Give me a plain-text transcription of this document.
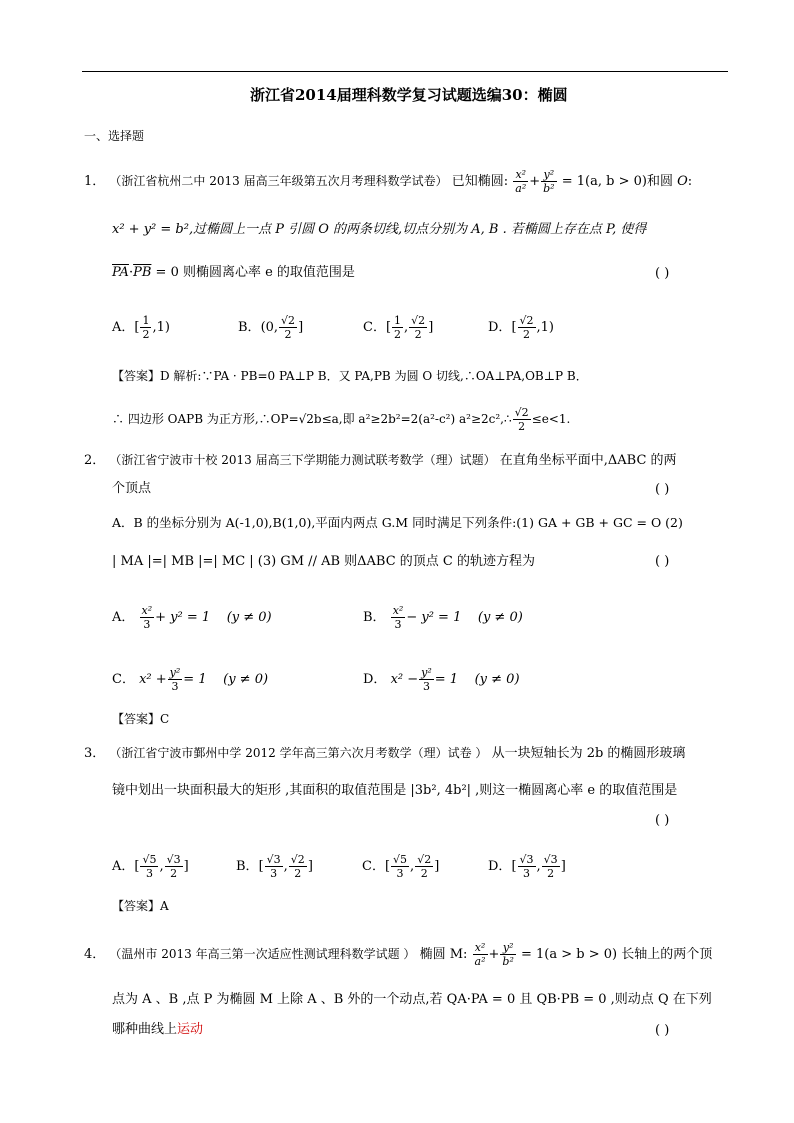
浙江省2014届理科数学复习试题选编30：椭圆
一、选择题
1． （浙江省杭州二中 2013 届高三年级第五次月考理科数学试卷） 已知椭圆: $\frac{\text{x²}}{\text{a²}} + \frac{\text{y²}}{\text{b²}} = 1(a$, b > 0)和圆 O:
x² + y² = b²,过椭圆上一点 P 引圆 O 的两条切线,切点分别为 A, B . 若椭圆上存在点 P, 使得
$\overline{PA}\cdot\overline{PB} = 0$ 则椭圆离心率 e 的取值范围是	( )
A．[ $\frac{1}{2} ,1$)	B．(0, $\frac{√2}{2}$ ]	C．[ $\frac{1}{2}$ , $\frac{√2}{2}$ ]	D．[ $\frac{√2}{2} ,1$)
【答案】D 解析:∵PA · PB=0 PA⊥P B．又 PA,PB 为圆 O 切线,∴OA⊥PA,OB⊥P B．
∴ 四边形 OAPB 为正方形,∴OP=√2b≤a,即 a²≥2b²=2(a²-c²) a²≥2c²,∴ $\frac{√2}{2} \le e<1$.
2． （浙江省宁波市十校 2013 届高三下学期能力测试联考数学（理）试题） 在直角坐标平面中,ΔABC 的两
个顶点	( )
A．B 的坐标分别为 A(-1,0),B(1,0),平面内两点 G.M 同时满足下列条件:(1) GA + GB + GC = O (2)
| MA |=| MB |=| MC | (3) GM // AB 则ΔABC 的顶点 C 的轨迹方程为	( )
A． $\frac{\text{x²}}{3} + y^2 = 1$ (y ≠ 0)	B． $\frac{\text{x²}}{3} - y^2 = 1$ (y ≠ 0)
C． $x^2 + \frac{\text{y²}}{3} = 1$ (y ≠ 0)	D． $x^2 - \frac{\text{y²}}{3} = 1$ (y ≠ 0)
【答案】C
3． （浙江省宁波市鄞州中学 2012 学年高三第六次月考数学（理）试卷 ） 从一块短轴长为 2b 的椭圆形玻璃
镜中划出一块面积最大的矩形 ,其面积的取值范围是 |3b², 4b²| ,则这一椭圆离心率 e 的取值范围是
( )
A．[ $\frac{√5}{3}$ , $\frac{√3}{2}$ ]	B．[ $\frac{√3}{3}$ , $\frac{√2}{2}$ ]	C．[ $\frac{√5}{3}$ , $\frac{√2}{2}$ ]	D．[ $\frac{√3}{3}$ , $\frac{√3}{2}$ ]
【答案】A
4． （温州市 2013 年高三第一次适应性测试理科数学试题 ） 椭圆 M: $\frac{\text{x²}}{\text{a²}} + \frac{\text{y²}}{\text{b²}} = 1(a > b > 0)$ 长轴上的两个顶
点为 A 、B ,点 P 为椭圆 M 上除 A 、B 外的一个动点,若 QA·PA = 0 且 QB·PB = 0 ,则动点 Q 在下列
哪种曲线上运动	( )
